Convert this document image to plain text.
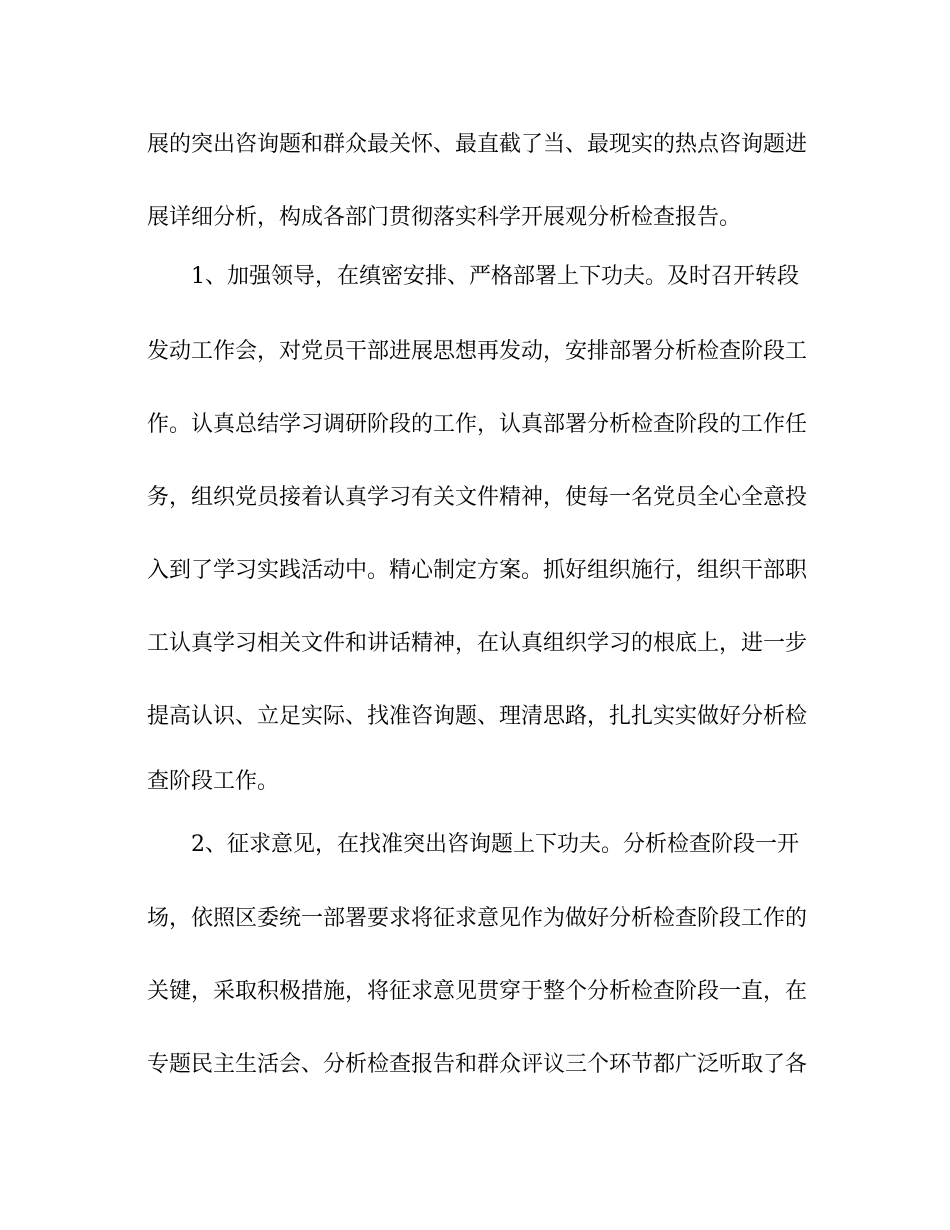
展的突出咨询题和群众最关怀、最直截了当、最现实的热点咨询题进
展详细分析，构成各部门贯彻落实科学开展观分析检查报告。
1、加强领导，在缜密安排、严格部署上下功夫。及时召开转段
发动工作会，对党员干部进展思想再发动，安排部署分析检查阶段工
作。认真总结学习调研阶段的工作，认真部署分析检查阶段的工作任
务，组织党员接着认真学习有关文件精神，使每一名党员全心全意投
入到了学习实践活动中。精心制定方案。抓好组织施行，组织干部职
工认真学习相关文件和讲话精神，在认真组织学习的根底上，进一步
提高认识、立足实际、找准咨询题、理清思路，扎扎实实做好分析检
查阶段工作。
2、征求意见，在找准突出咨询题上下功夫。分析检查阶段一开
场，依照区委统一部署要求将征求意见作为做好分析检查阶段工作的
关键，采取积极措施，将征求意见贯穿于整个分析检查阶段一直，在
专题民主生活会、分析检查报告和群众评议三个环节都广泛听取了各
